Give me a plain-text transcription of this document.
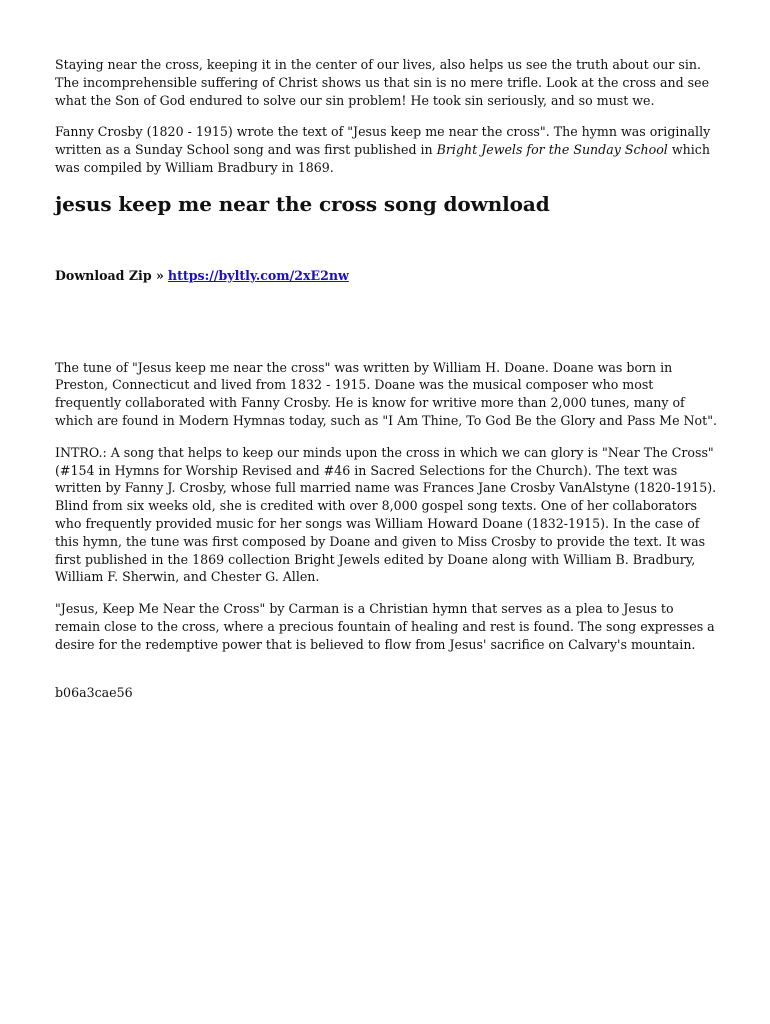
Staying near the cross, keeping it in the center of our lives, also helps us see the truth about our sin. The incomprehensible suffering of Christ shows us that sin is no mere trifle. Look at the cross and see what the Son of God endured to solve our sin problem! He took sin seriously, and so must we.

Fanny Crosby (1820 - 1915) wrote the text of "Jesus keep me near the cross". The hymn was originally written as a Sunday School song and was first published in Bright Jewels for the Sunday School which was compiled by William Bradbury in 1869.

jesus keep me near the cross song download
Download Zip » https://byltly.com/2xE2nw

The tune of "Jesus keep me near the cross" was written by William H. Doane. Doane was born in Preston, Connecticut and lived from 1832 - 1915. Doane was the musical composer who most frequently collaborated with Fanny Crosby. He is know for writive more than 2,000 tunes, many of which are found in Modern Hymnas today, such as "I Am Thine, To God Be the Glory and Pass Me Not".

INTRO.: A song that helps to keep our minds upon the cross in which we can glory is "Near The Cross" (#154 in Hymns for Worship Revised and #46 in Sacred Selections for the Church). The text was written by Fanny J. Crosby, whose full married name was Frances Jane Crosby VanAlstyne (1820-1915). Blind from six weeks old, she is credited with over 8,000 gospel song texts. One of her collaborators who frequently provided music for her songs was William Howard Doane (1832-1915). In the case of this hymn, the tune was first composed by Doane and given to Miss Crosby to provide the text. It was first published in the 1869 collection Bright Jewels edited by Doane along with William B. Bradbury, William F. Sherwin, and Chester G. Allen.

"Jesus, Keep Me Near the Cross" by Carman is a Christian hymn that serves as a plea to Jesus to remain close to the cross, where a precious fountain of healing and rest is found. The song expresses a desire for the redemptive power that is believed to flow from Jesus' sacrifice on Calvary's mountain.

b06a3cae56
